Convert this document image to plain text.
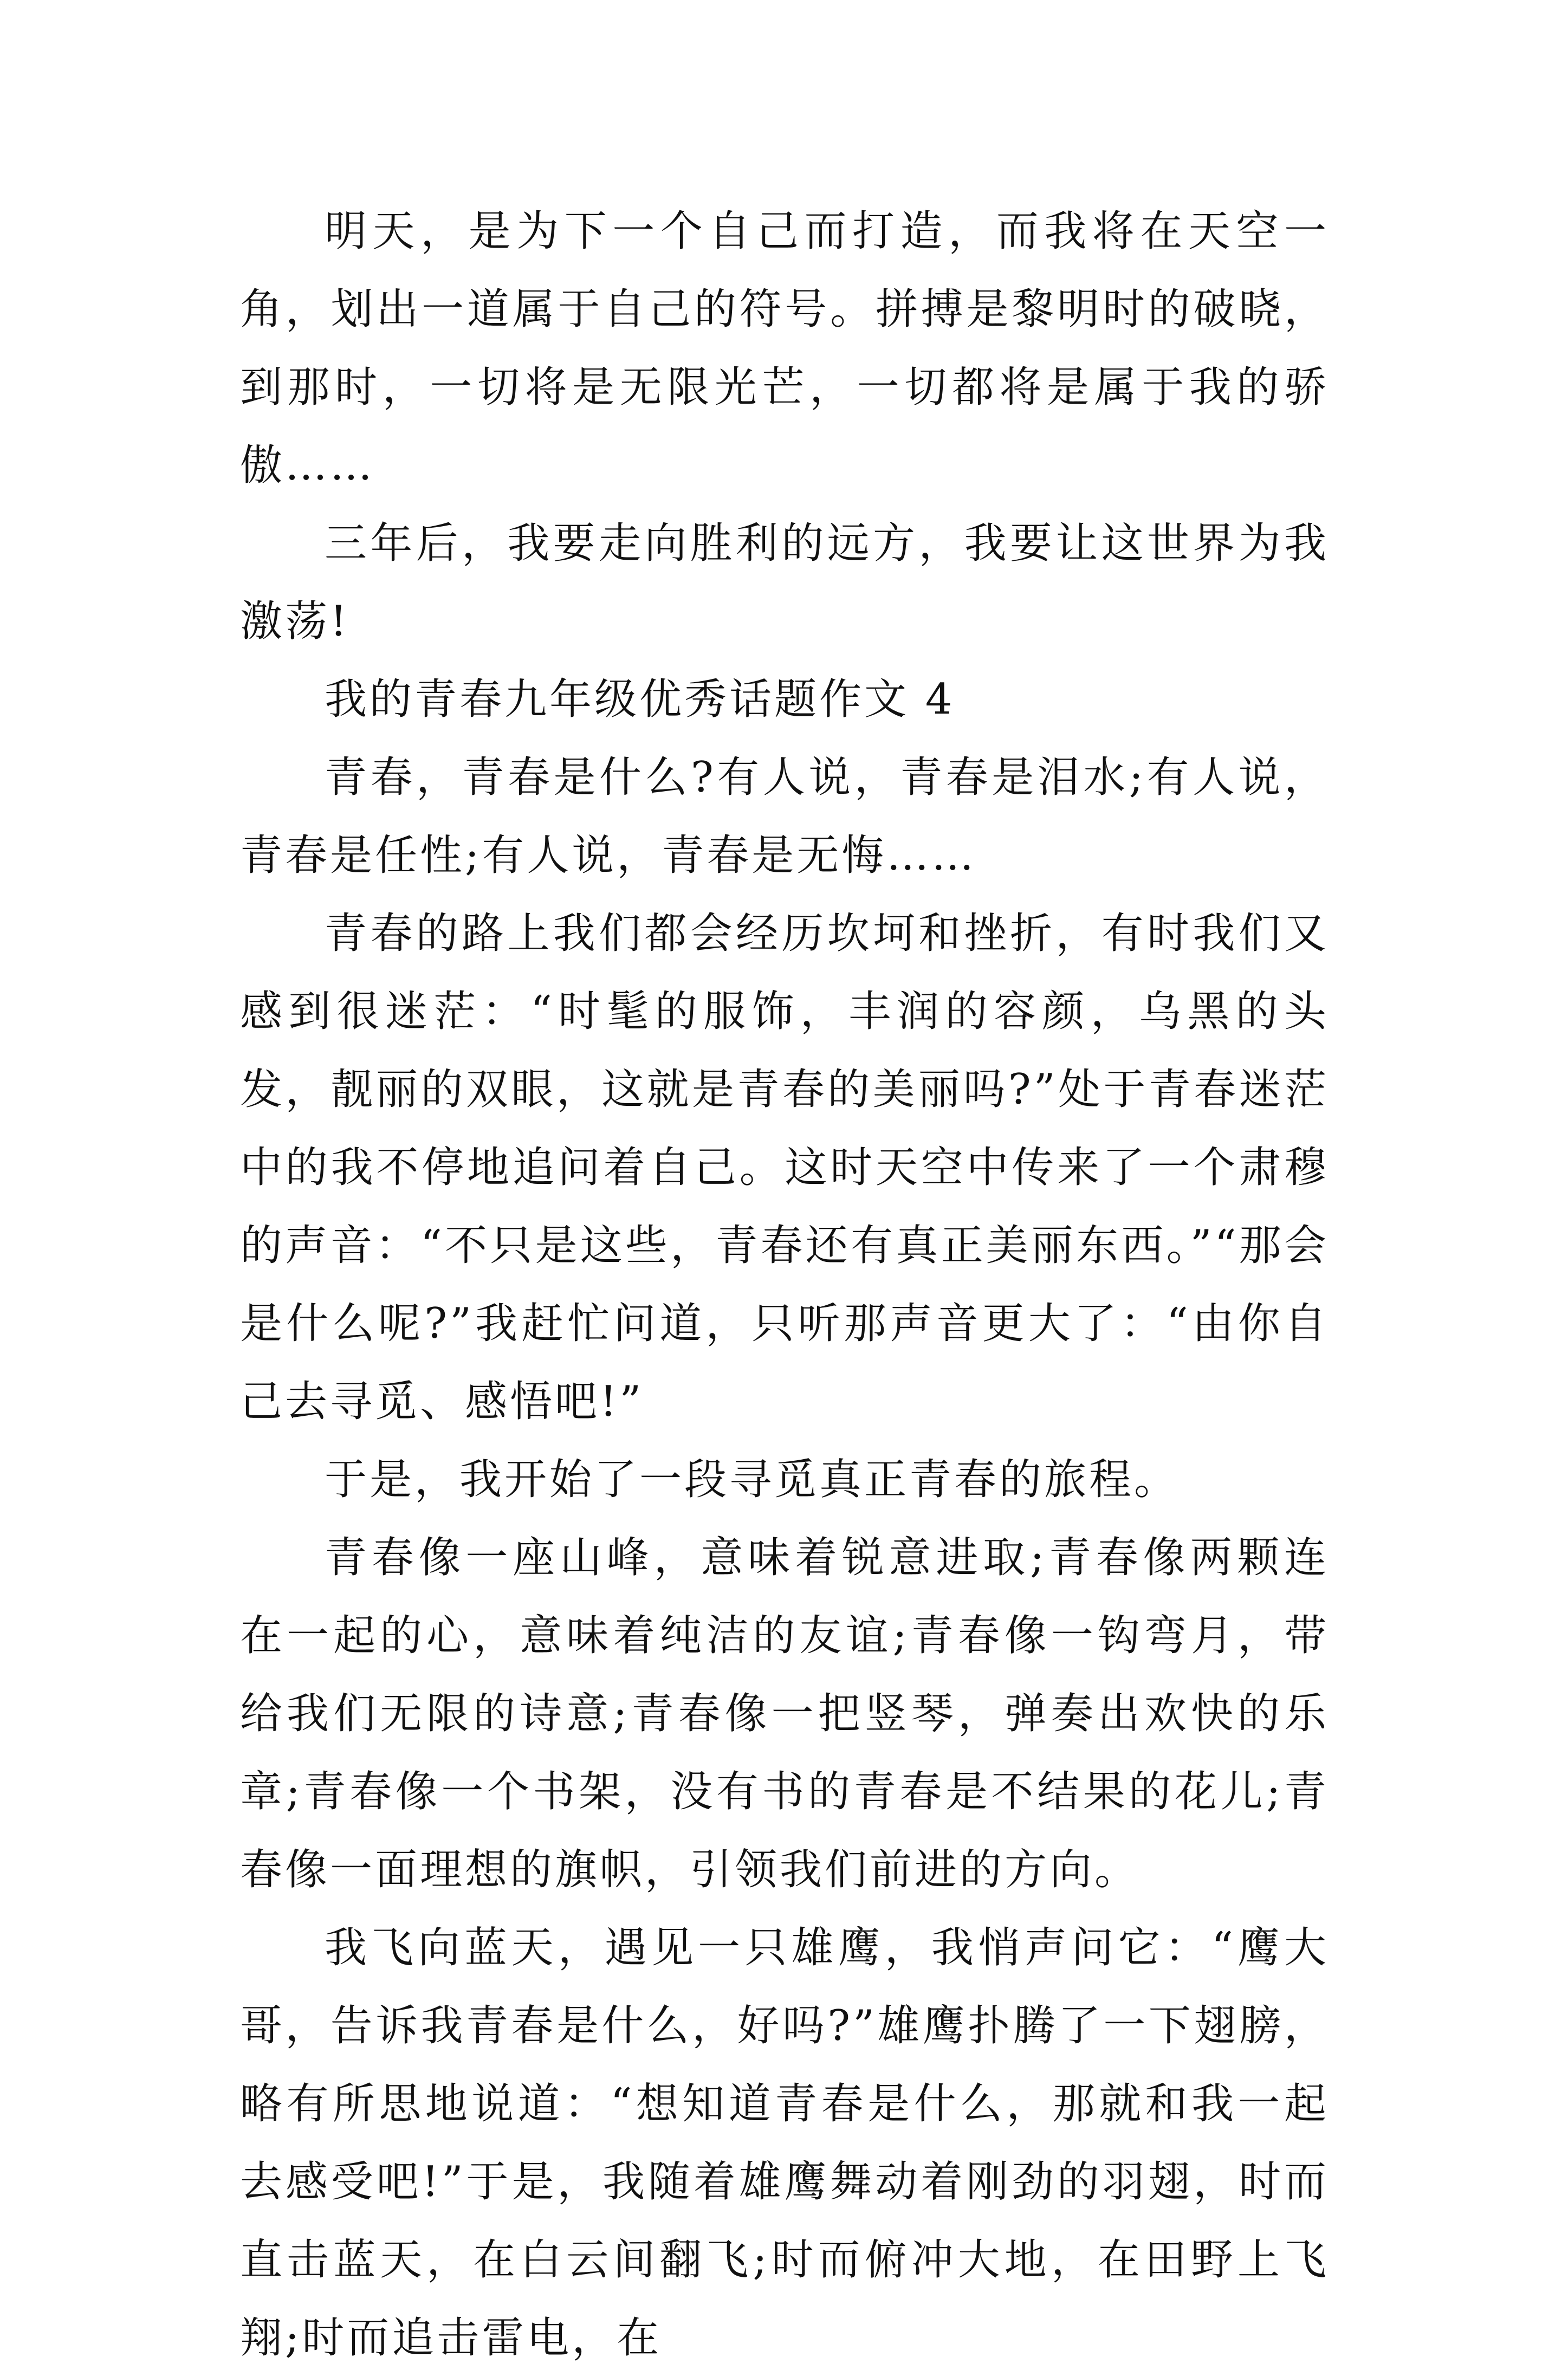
明天，是为下一个自己而打造，而我将在天空一角，划出一道属于自己的符号。拼搏是黎明时的破晓，到那时，一切将是无限光芒，一切都将是属于我的骄傲……

三年后，我要走向胜利的远方，我要让这世界为我激荡!

我的青春九年级优秀话题作文 4

青春，青春是什么?有人说，青春是泪水;有人说，青春是任性;有人说，青春是无悔……

青春的路上我们都会经历坎坷和挫折，有时我们又感到很迷茫：“时髦的服饰，丰润的容颜，乌黑的头发，靓丽的双眼，这就是青春的美丽吗?”处于青春迷茫中的我不停地追问着自己。这时天空中传来了一个肃穆的声音：“不只是这些，青春还有真正美丽东西。”“那会是什么呢?”我赶忙问道，只听那声音更大了：“由你自己去寻觅、感悟吧!”

于是，我开始了一段寻觅真正青春的旅程。

青春像一座山峰，意味着锐意进取;青春像两颗连在一起的心，意味着纯洁的友谊;青春像一钩弯月，带给我们无限的诗意;青春像一把竖琴，弹奏出欢快的乐章;青春像一个书架，没有书的青春是不结果的花儿;青春像一面理想的旗帜，引领我们前进的方向。

我飞向蓝天，遇见一只雄鹰，我悄声问它：“鹰大哥，告诉我青春是什么，好吗?”雄鹰扑腾了一下翅膀，略有所思地说道：“想知道青春是什么，那就和我一起去感受吧!”于是，我随着雄鹰舞动着刚劲的羽翅，时而直击蓝天，在白云间翻飞;时而俯冲大地，在田野上飞翔;时而追击雷电，在
